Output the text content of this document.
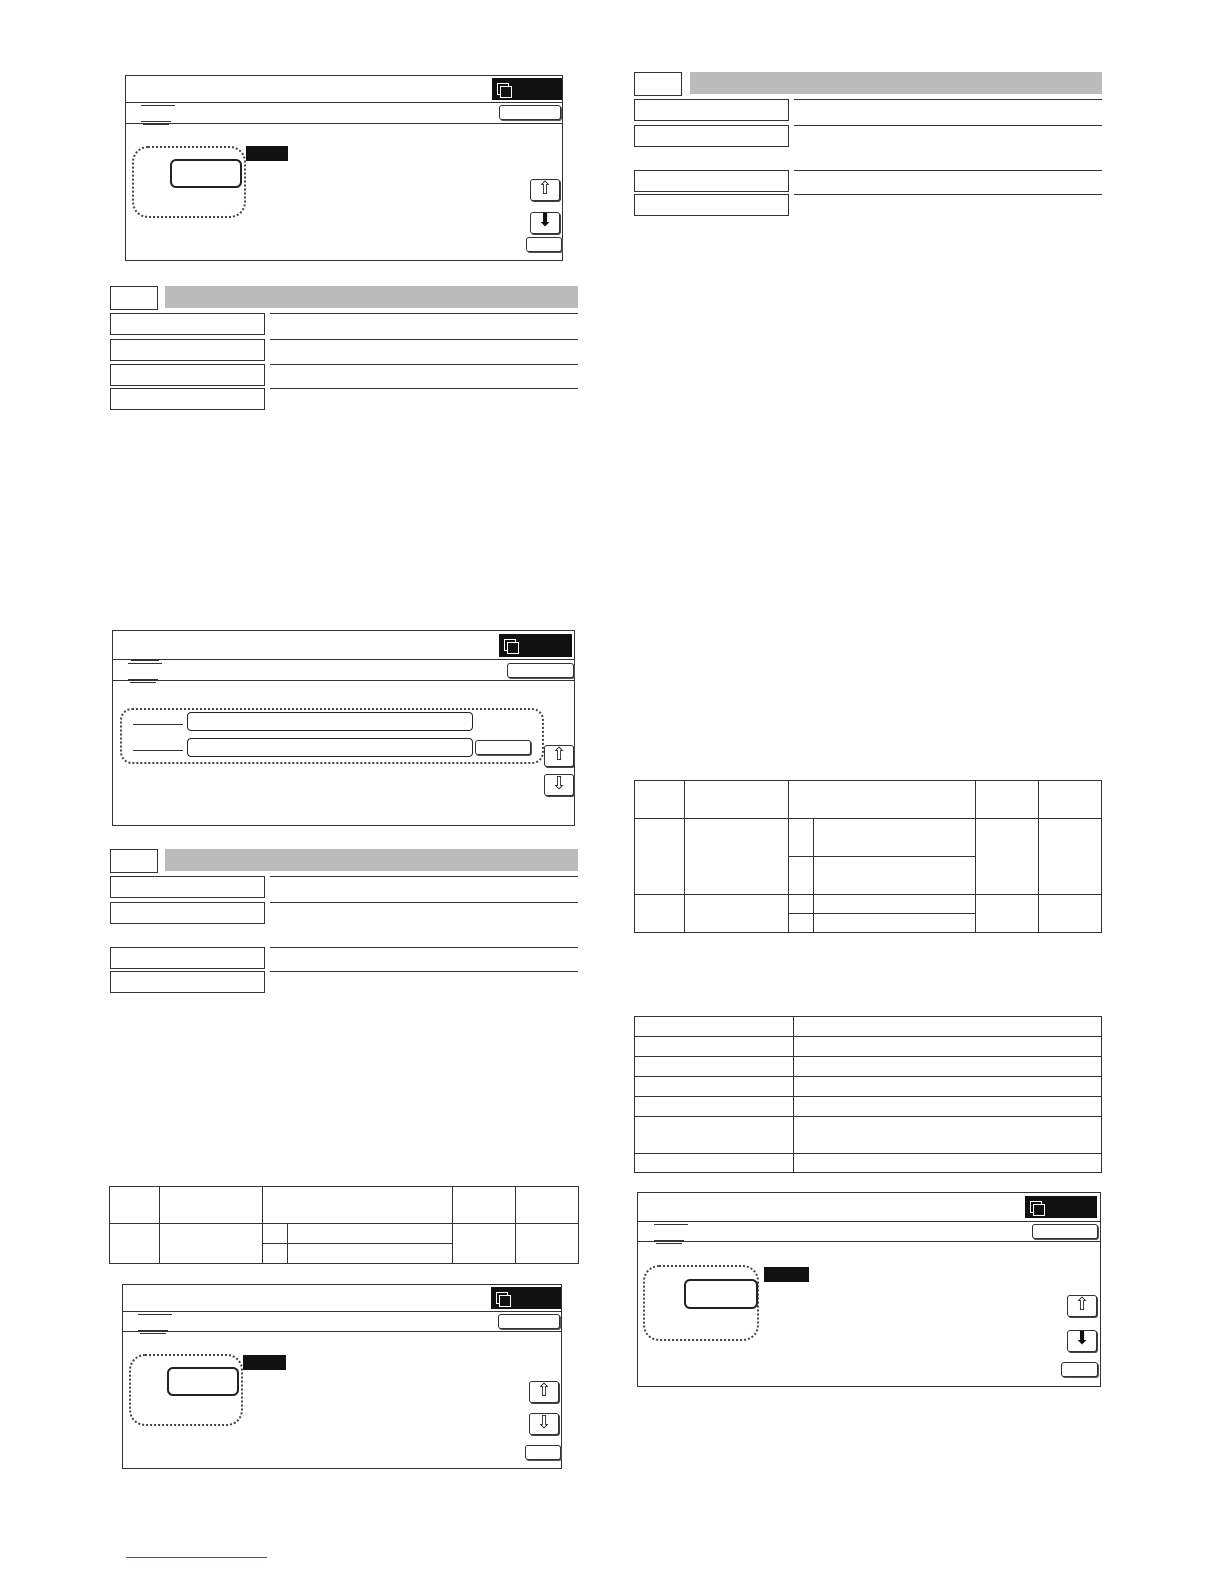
⇧
⬇
⇧
⇩

⇧
⇩

⇧
⬇
